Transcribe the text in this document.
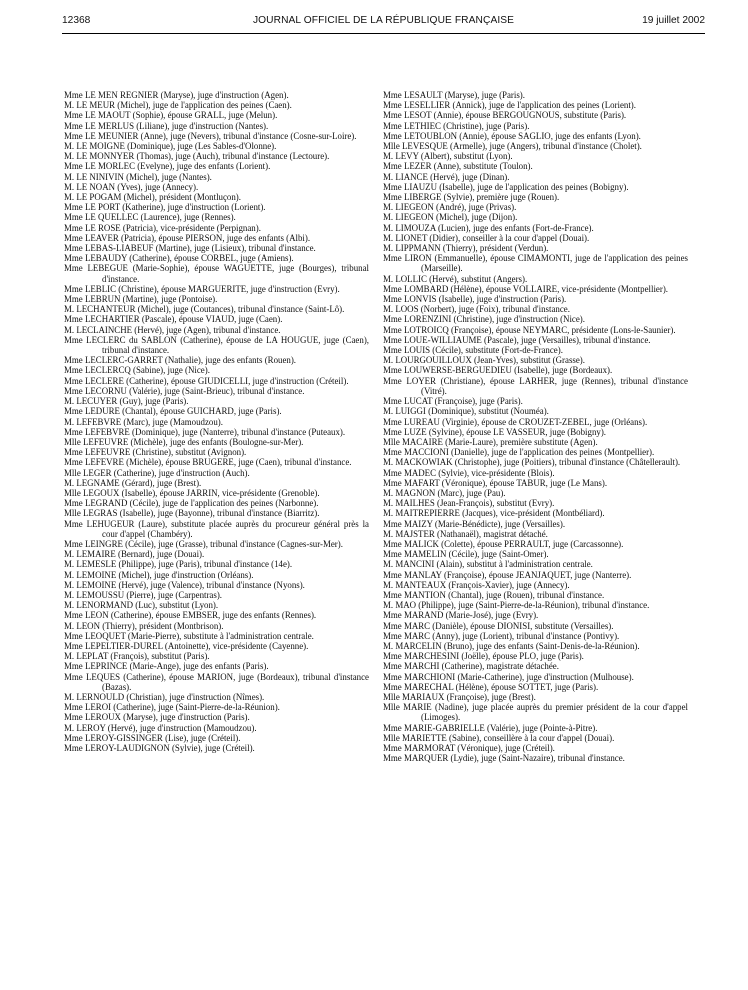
12368	JOURNAL OFFICIEL DE LA RÉPUBLIQUE FRANÇAISE	19 juillet 2002
Mme LE MEN REGNIER (Maryse), juge d'instruction (Agen).
M. LE MEUR (Michel), juge de l'application des peines (Caen).
Mme LE MAOUT (Sophie), épouse GRALL, juge (Melun).
Mme LE MERLUS (Liliane), juge d'instruction (Nantes).
Mme LE MEUNIER (Anne), juge (Nevers), tribunal d'instance (Cosne-sur-Loire).
M. LE MOIGNE (Dominique), juge (Les Sables-d'Olonne).
M. LE MONNYER (Thomas), juge (Auch), tribunal d'instance (Lectoure).
Mme LE MORLEC (Evelyne), juge des enfants (Lorient).
M. LE NINIVIN (Michel), juge (Nantes).
M. LE NOAN (Yves), juge (Annecy).
M. LE POGAM (Michel), président (Montluçon).
Mme LE PORT (Katherine), juge d'instruction (Lorient).
Mme LE QUELLEC (Laurence), juge (Rennes).
Mme LE ROSE (Patricia), vice-présidente (Perpignan).
Mme LEAVER (Patricia), épouse PIERSON, juge des enfants (Albi).
Mme LEBAS-LIABEUF (Martine), juge (Lisieux), tribunal d'instance.
Mme LEBAUDY (Catherine), épouse CORBEL, juge (Amiens).
Mme LEBEGUE (Marie-Sophie), épouse WAGUETTE, juge (Bourges), tribunal d'instance.
Mme LEBLIC (Christine), épouse MARGUERITE, juge d'instruction (Evry).
Mme LEBRUN (Martine), juge (Pontoise).
M. LECHANTEUR (Michel), juge (Coutances), tribunal d'instance (Saint-Lô).
Mme LECHARTIER (Pascale), épouse VIAUD, juge (Caen).
M. LECLAINCHE (Hervé), juge (Agen), tribunal d'instance.
Mme LECLERC du SABLON (Catherine), épouse de LA HOUGUE, juge (Caen), tribunal d'instance.
Mme LECLERC-GARRET (Nathalie), juge des enfants (Rouen).
Mme LECLERCQ (Sabine), juge (Nice).
Mme LECLERE (Catherine), épouse GIUDICELLI, juge d'instruction (Créteil).
Mme LECORNU (Valérie), juge (Saint-Brieuc), tribunal d'instance.
M. LECUYER (Guy), juge (Paris).
Mme LEDURE (Chantal), épouse GUICHARD, juge (Paris).
M. LEFEBVRE (Marc), juge (Mamoudzou).
Mme LEFEBVRE (Dominique), juge (Nanterre), tribunal d'instance (Puteaux).
Mlle LEFEUVRE (Michèle), juge des enfants (Boulogne-sur-Mer).
Mme LEFEUVRE (Christine), substitut (Avignon).
Mme LEFEVRE (Michèle), épouse BRUGERE, juge (Caen), tribunal d'instance.
Mlle LEGER (Catherine), juge d'instruction (Auch).
M. LEGNAME (Gérard), juge (Brest).
Mlle LEGOUX (Isabelle), épouse JARRIN, vice-présidente (Grenoble).
Mme LEGRAND (Cécile), juge de l'application des peines (Narbonne).
Mlle LEGRAS (Isabelle), juge (Bayonne), tribunal d'instance (Biarritz).
Mme LEHUGEUR (Laure), substitute placée auprès du procureur général près la cour d'appel (Chambéry).
Mme LEINGRE (Cécile), juge (Grasse), tribunal d'instance (Cagnes-sur-Mer).
M. LEMAIRE (Bernard), juge (Douai).
M. LEMESLE (Philippe), juge (Paris), tribunal d'instance (14e).
M. LEMOINE (Michel), juge d'instruction (Orléans).
M. LEMOINE (Hervé), juge (Valence), tribunal d'instance (Nyons).
M. LEMOUSSU (Pierre), juge (Carpentras).
M. LENORMAND (Luc), substitut (Lyon).
Mme LEON (Catherine), épouse EMBSER, juge des enfants (Rennes).
M. LEON (Thierry), président (Montbrison).
Mme LEOQUET (Marie-Pierre), substitute à l'administration centrale.
Mme LEPELTIER-DUREL (Antoinette), vice-présidente (Cayenne).
M. LEPLAT (François), substitut (Paris).
Mme LEPRINCE (Marie-Ange), juge des enfants (Paris).
Mme LEQUES (Catherine), épouse MARION, juge (Bordeaux), tribunal d'instance (Bazas).
M. LERNOULD (Christian), juge d'instruction (Nîmes).
Mme LEROI (Catherine), juge (Saint-Pierre-de-la-Réunion).
Mme LEROUX (Maryse), juge d'instruction (Paris).
M. LEROY (Hervé), juge d'instruction (Mamoudzou).
Mme LEROY-GISSINGER (Lise), juge (Créteil).
Mme LEROY-LAUDIGNON (Sylvie), juge (Créteil).
Mme LESAULT (Maryse), juge (Paris).
Mme LESELLIER (Annick), juge de l'application des peines (Lorient).
Mme LESOT (Annie), épouse BERGOUGNOUS, substitute (Paris).
Mme LETHIEC (Christine), juge (Paris).
Mme LETOUBLON (Annie), épouse SAGLIO, juge des enfants (Lyon).
Mlle LEVESQUE (Armelle), juge (Angers), tribunal d'instance (Cholet).
M. LEVY (Albert), substitut (Lyon).
Mme LEZER (Anne), substitute (Toulon).
M. LIANCE (Hervé), juge (Dinan).
Mme LIAUZU (Isabelle), juge de l'application des peines (Bobigny).
Mme LIBERGE (Sylvie), première juge (Rouen).
M. LIEGEON (André), juge (Privas).
M. LIEGEON (Michel), juge (Dijon).
M. LIMOUZA (Lucien), juge des enfants (Fort-de-France).
M. LIONET (Didier), conseiller à la cour d'appel (Douai).
M. LIPPMANN (Thierry), président (Verdun).
Mme LIRON (Emmanuelle), épouse CIMAMONTI, juge de l'application des peines (Marseille).
M. LOLLIC (Hervé), substitut (Angers).
Mme LOMBARD (Hélène), épouse VOLLAIRE, vice-présidente (Montpellier).
Mme LONVIS (Isabelle), juge d'instruction (Paris).
M. LOOS (Norbert), juge (Foix), tribunal d'instance.
Mme LORENZINI (Christine), juge d'instruction (Nice).
Mme LOTROICQ (Françoise), épouse NEYMARC, présidente (Lons-le-Saunier).
Mme LOUE-WILLIAUME (Pascale), juge (Versailles), tribunal d'instance.
Mme LOUIS (Cécile), substitute (Fort-de-France).
M. LOURGOUILLOUX (Jean-Yves), substitut (Grasse).
Mme LOUWERSE-BERGUEDIEU (Isabelle), juge (Bordeaux).
Mme LOYER (Christiane), épouse LARHER, juge (Rennes), tribunal d'instance (Vitré).
Mme LUCAT (Françoise), juge (Paris).
M. LUIGGI (Dominique), substitut (Nouméa).
Mme LUREAU (Virginie), épouse de CROUZET-ZEBEL, juge (Orléans).
Mme LUZE (Sylvine), épouse LE VASSEUR, juge (Bobigny).
Mlle MACAIRE (Marie-Laure), première substitute (Agen).
Mme MACCIONI (Danielle), juge de l'application des peines (Montpellier).
M. MACKOWIAK (Christophe), juge (Poitiers), tribunal d'instance (Châtellerault).
Mme MADEC (Sylvie), vice-présidente (Blois).
Mme MAFART (Véronique), épouse TABUR, juge (Le Mans).
M. MAGNON (Marc), juge (Pau).
M. MAILHES (Jean-François), substitut (Evry).
M. MAITREPIERRE (Jacques), vice-président (Montbéliard).
Mme MAIZY (Marie-Bénédicte), juge (Versailles).
M. MAJSTER (Nathanaël), magistrat détaché.
Mme MALICK (Colette), épouse PERRAULT, juge (Carcassonne).
Mme MAMELIN (Cécile), juge (Saint-Omer).
M. MANCINI (Alain), substitut à l'administration centrale.
Mme MANLAY (Françoise), épouse JEANJAQUET, juge (Nanterre).
M. MANTEAUX (François-Xavier), juge (Annecy).
Mme MANTION (Chantal), juge (Rouen), tribunal d'instance.
M. MAO (Philippe), juge (Saint-Pierre-de-la-Réunion), tribunal d'instance.
Mme MARAND (Marie-José), juge (Evry).
Mme MARC (Danièle), épouse DIONISI, substitute (Versailles).
Mme MARC (Anny), juge (Lorient), tribunal d'instance (Pontivy).
M. MARCELIN (Bruno), juge des enfants (Saint-Denis-de-la-Réunion).
Mme MARCHESINI (Joëlle), épouse PLO, juge (Paris).
Mme MARCHI (Catherine), magistrate détachée.
Mme MARCHIONI (Marie-Catherine), juge d'instruction (Mulhouse).
Mme MARECHAL (Hélène), épouse SOTTET, juge (Paris).
Mlle MARIAUX (Françoise), juge (Brest).
Mlle MARIE (Nadine), juge placée auprès du premier président de la cour d'appel (Limoges).
Mme MARIE-GABRIELLE (Valérie), juge (Pointe-à-Pitre).
Mlle MARIETTE (Sabine), conseillère à la cour d'appel (Douai).
Mme MARMORAT (Véronique), juge (Créteil).
Mme MARQUER (Lydie), juge (Saint-Nazaire), tribunal d'instance.
